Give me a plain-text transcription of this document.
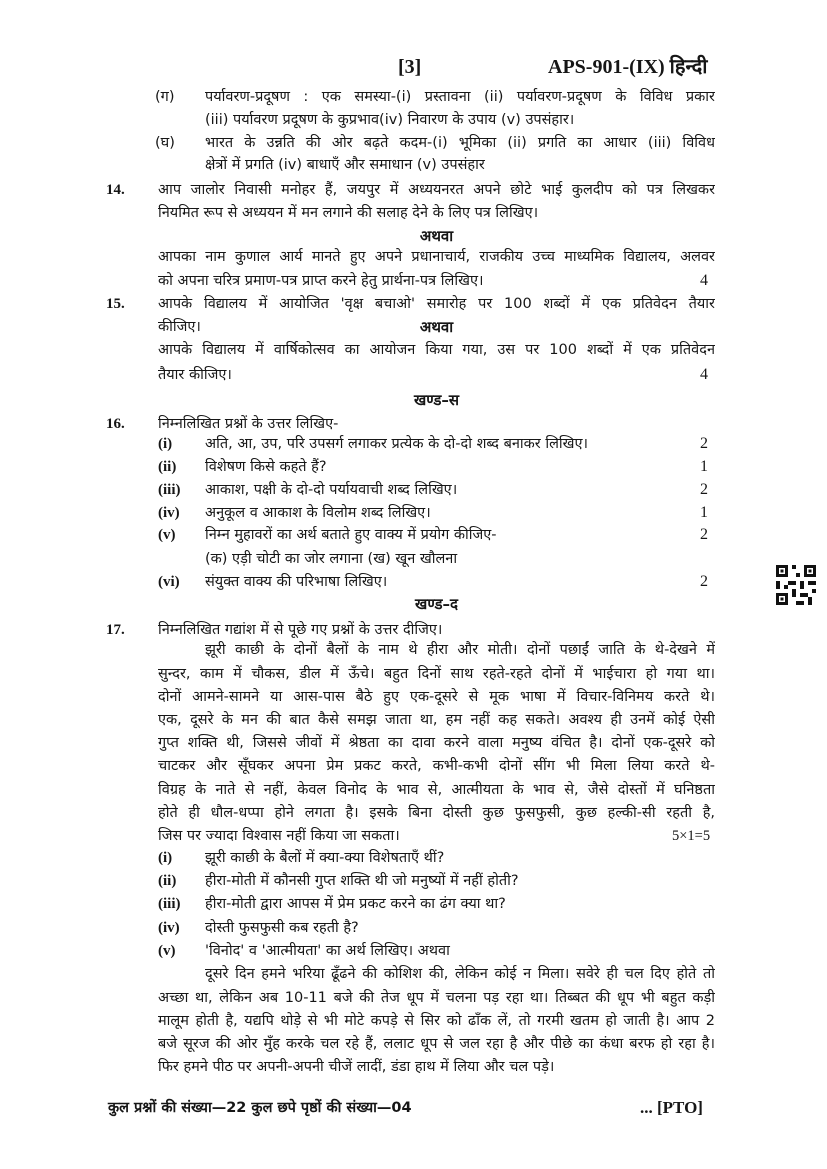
[3]	APS-901-(IX) हिन्दी
(ग) पर्यावरण-प्रदूषण : एक समस्या-(i) प्रस्तावना (ii) पर्यावरण-प्रदूषण के विविध प्रकार
(iii) पर्यावरण प्रदूषण के कुप्रभाव(iv) निवारण के उपाय (v) उपसंहार।
(घ) भारत के उन्नति की ओर बढ़ते कदम-(i) भूमिका (ii) प्रगति का आधार (iii) विविध
क्षेत्रों में प्रगति (iv) बाधाएँ और समाधान (v) उपसंहार
14. आप जालोर निवासी मनोहर हैं, जयपुर में अध्ययनरत अपने छोटे भाई कुलदीप को पत्र लिखकर
नियमित रूप से अध्ययन में मन लगाने की सलाह देने के लिए पत्र लिखिए।
अथवा
आपका नाम कुणाल आर्य मानते हुए अपने प्रधानाचार्य, राजकीय उच्च माध्यमिक विद्यालय, अलवर
को अपना चरित्र प्रमाण-पत्र प्राप्त करने हेतु प्रार्थना-पत्र लिखिए।	4
15. आपके विद्यालय में आयोजित 'वृक्ष बचाओ' समारोह पर 100 शब्दों में एक प्रतिवेदन तैयार
कीजिए।	अथवा
आपके विद्यालय में वार्षिकोत्सव का आयोजन किया गया, उस पर 100 शब्दों में एक प्रतिवेदन
तैयार कीजिए।	4
खण्ड–स
16. निम्नलिखित प्रश्नों के उत्तर लिखिए-
(i) अति, आ, उप, परि उपसर्ग लगाकर प्रत्येक के दो-दो शब्द बनाकर लिखिए।	2
(ii) विशेषण किसे कहते हैं?	1
(iii) आकाश, पक्षी के दो-दो पर्यायवाची शब्द लिखिए।	2
(iv) अनुकूल व आकाश के विलोम शब्द लिखिए।	1
(v) निम्न मुहावरों का अर्थ बताते हुए वाक्य में प्रयोग कीजिए-	2
(क) एड़ी चोटी का जोर लगाना (ख) खून खौलना
(vi) संयुक्त वाक्य की परिभाषा लिखिए।	2
खण्ड–द
17. निम्नलिखित गद्यांश में से पूछे गए प्रश्नों के उत्तर दीजिए।
झूरी काछी के दोनों बैलों के नाम थे हीरा और मोती। दोनों पछाईं जाति के थे-देखने में
सुन्दर, काम में चौकस, डील में ऊँचे। बहुत दिनों साथ रहते-रहते दोनों में भाईचारा हो गया था।
दोनों आमने-सामने या आस-पास बैठे हुए एक-दूसरे से मूक भाषा में विचार-विनिमय करते थे।
एक, दूसरे के मन की बात कैसे समझ जाता था, हम नहीं कह सकते। अवश्य ही उनमें कोई ऐसी
गुप्त शक्ति थी, जिससे जीवों में श्रेष्ठता का दावा करने वाला मनुष्य वंचित है। दोनों एक-दूसरे को
चाटकर और सूँघकर अपना प्रेम प्रकट करते, कभी-कभी दोनों सींग भी मिला लिया करते थे-
विग्रह के नाते से नहीं, केवल विनोद के भाव से, आत्मीयता के भाव से, जैसे दोस्तों में घनिष्ठता
होते ही धौल-धप्पा होने लगता है। इसके बिना दोस्ती कुछ फुसफुसी, कुछ हल्की-सी रहती है,
जिस पर ज्यादा विश्वास नहीं किया जा सकता।	5×1=5
(i) झूरी काछी के बैलों में क्या-क्या विशेषताएँ थीं?
(ii) हीरा-मोती में कौनसी गुप्त शक्ति थी जो मनुष्यों में नहीं होती?
(iii) हीरा-मोती द्वारा आपस में प्रेम प्रकट करने का ढंग क्या था?
(iv) दोस्ती फुसफुसी कब रहती है?
(v) 'विनोद' व 'आत्मीयता' का अर्थ लिखिए। अथवा
दूसरे दिन हमने भरिया ढूँढने की कोशिश की, लेकिन कोई न मिला। सवेरे ही चल दिए होते तो
अच्छा था, लेकिन अब 10-11 बजे की तेज धूप में चलना पड़ रहा था। तिब्बत की धूप भी बहुत कड़ी
मालूम होती है, यद्यपि थोड़े से भी मोटे कपड़े से सिर को ढाँक लें, तो गरमी खतम हो जाती है। आप 2
बजे सूरज की ओर मुँह करके चल रहे हैं, ललाट धूप से जल रहा है और पीछे का कंधा बरफ हो रहा है।
फिर हमने पीठ पर अपनी-अपनी चीजें लादीं, डंडा हाथ में लिया और चल पड़े।
कुल प्रश्नों की संख्या—22 कुल छपे पृष्ठों की संख्या—04	... [PTO]
